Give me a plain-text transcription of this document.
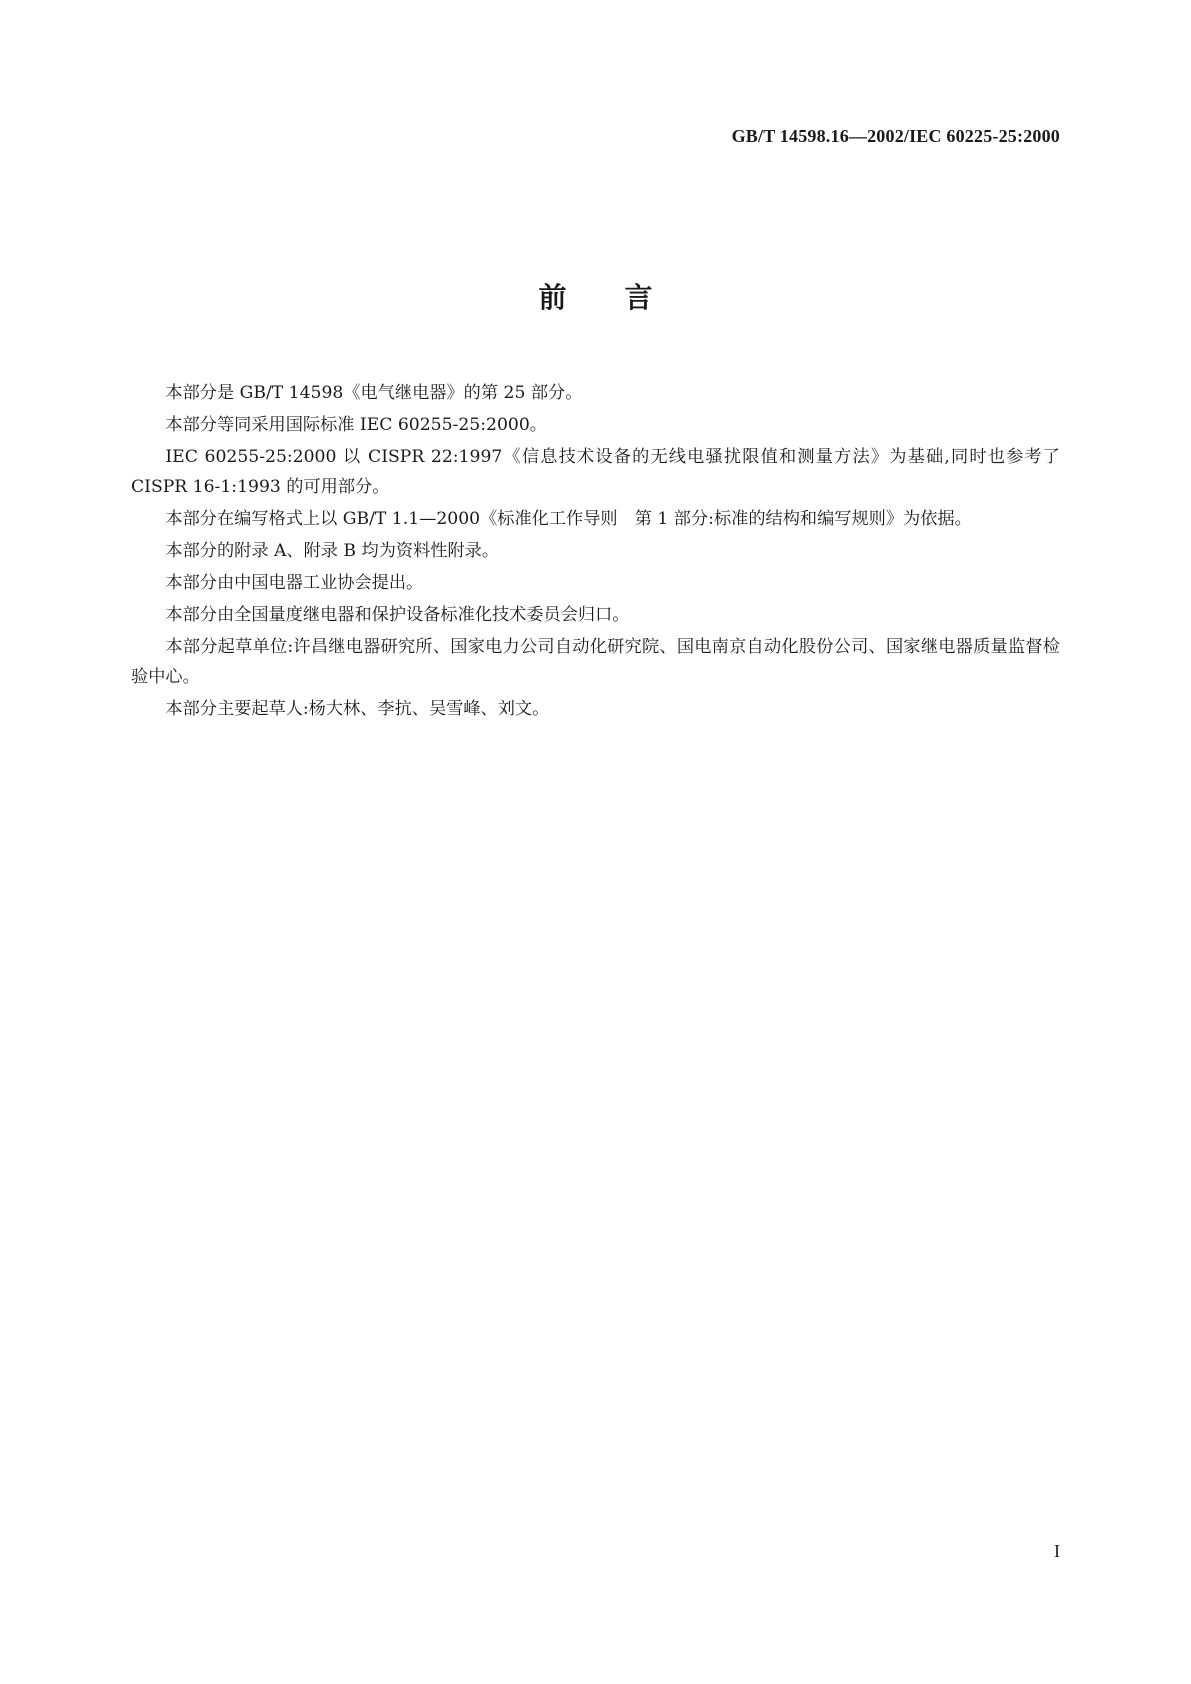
GB/T 14598.16—2002/IEC 60225-25:2000
前言

本部分是 GB/T 14598《电气继电器》的第 25 部分。

本部分等同采用国际标准 IEC 60255-25:2000。

IEC 60255-25:2000 以 CISPR 22:1997《信息技术设备的无线电骚扰限值和测量方法》为基础,同时也参考了 CISPR 16-1:1993 的可用部分。

本部分在编写格式上以 GB/T 1.1—2000《标准化工作导则　第 1 部分:标准的结构和编写规则》为依据。

本部分的附录 A、附录 B 均为资料性附录。

本部分由中国电器工业协会提出。

本部分由全国量度继电器和保护设备标准化技术委员会归口。

本部分起草单位:许昌继电器研究所、国家电力公司自动化研究院、国电南京自动化股份公司、国家继电器质量监督检验中心。

本部分主要起草人:杨大林、李抗、吴雪峰、刘文。

I
